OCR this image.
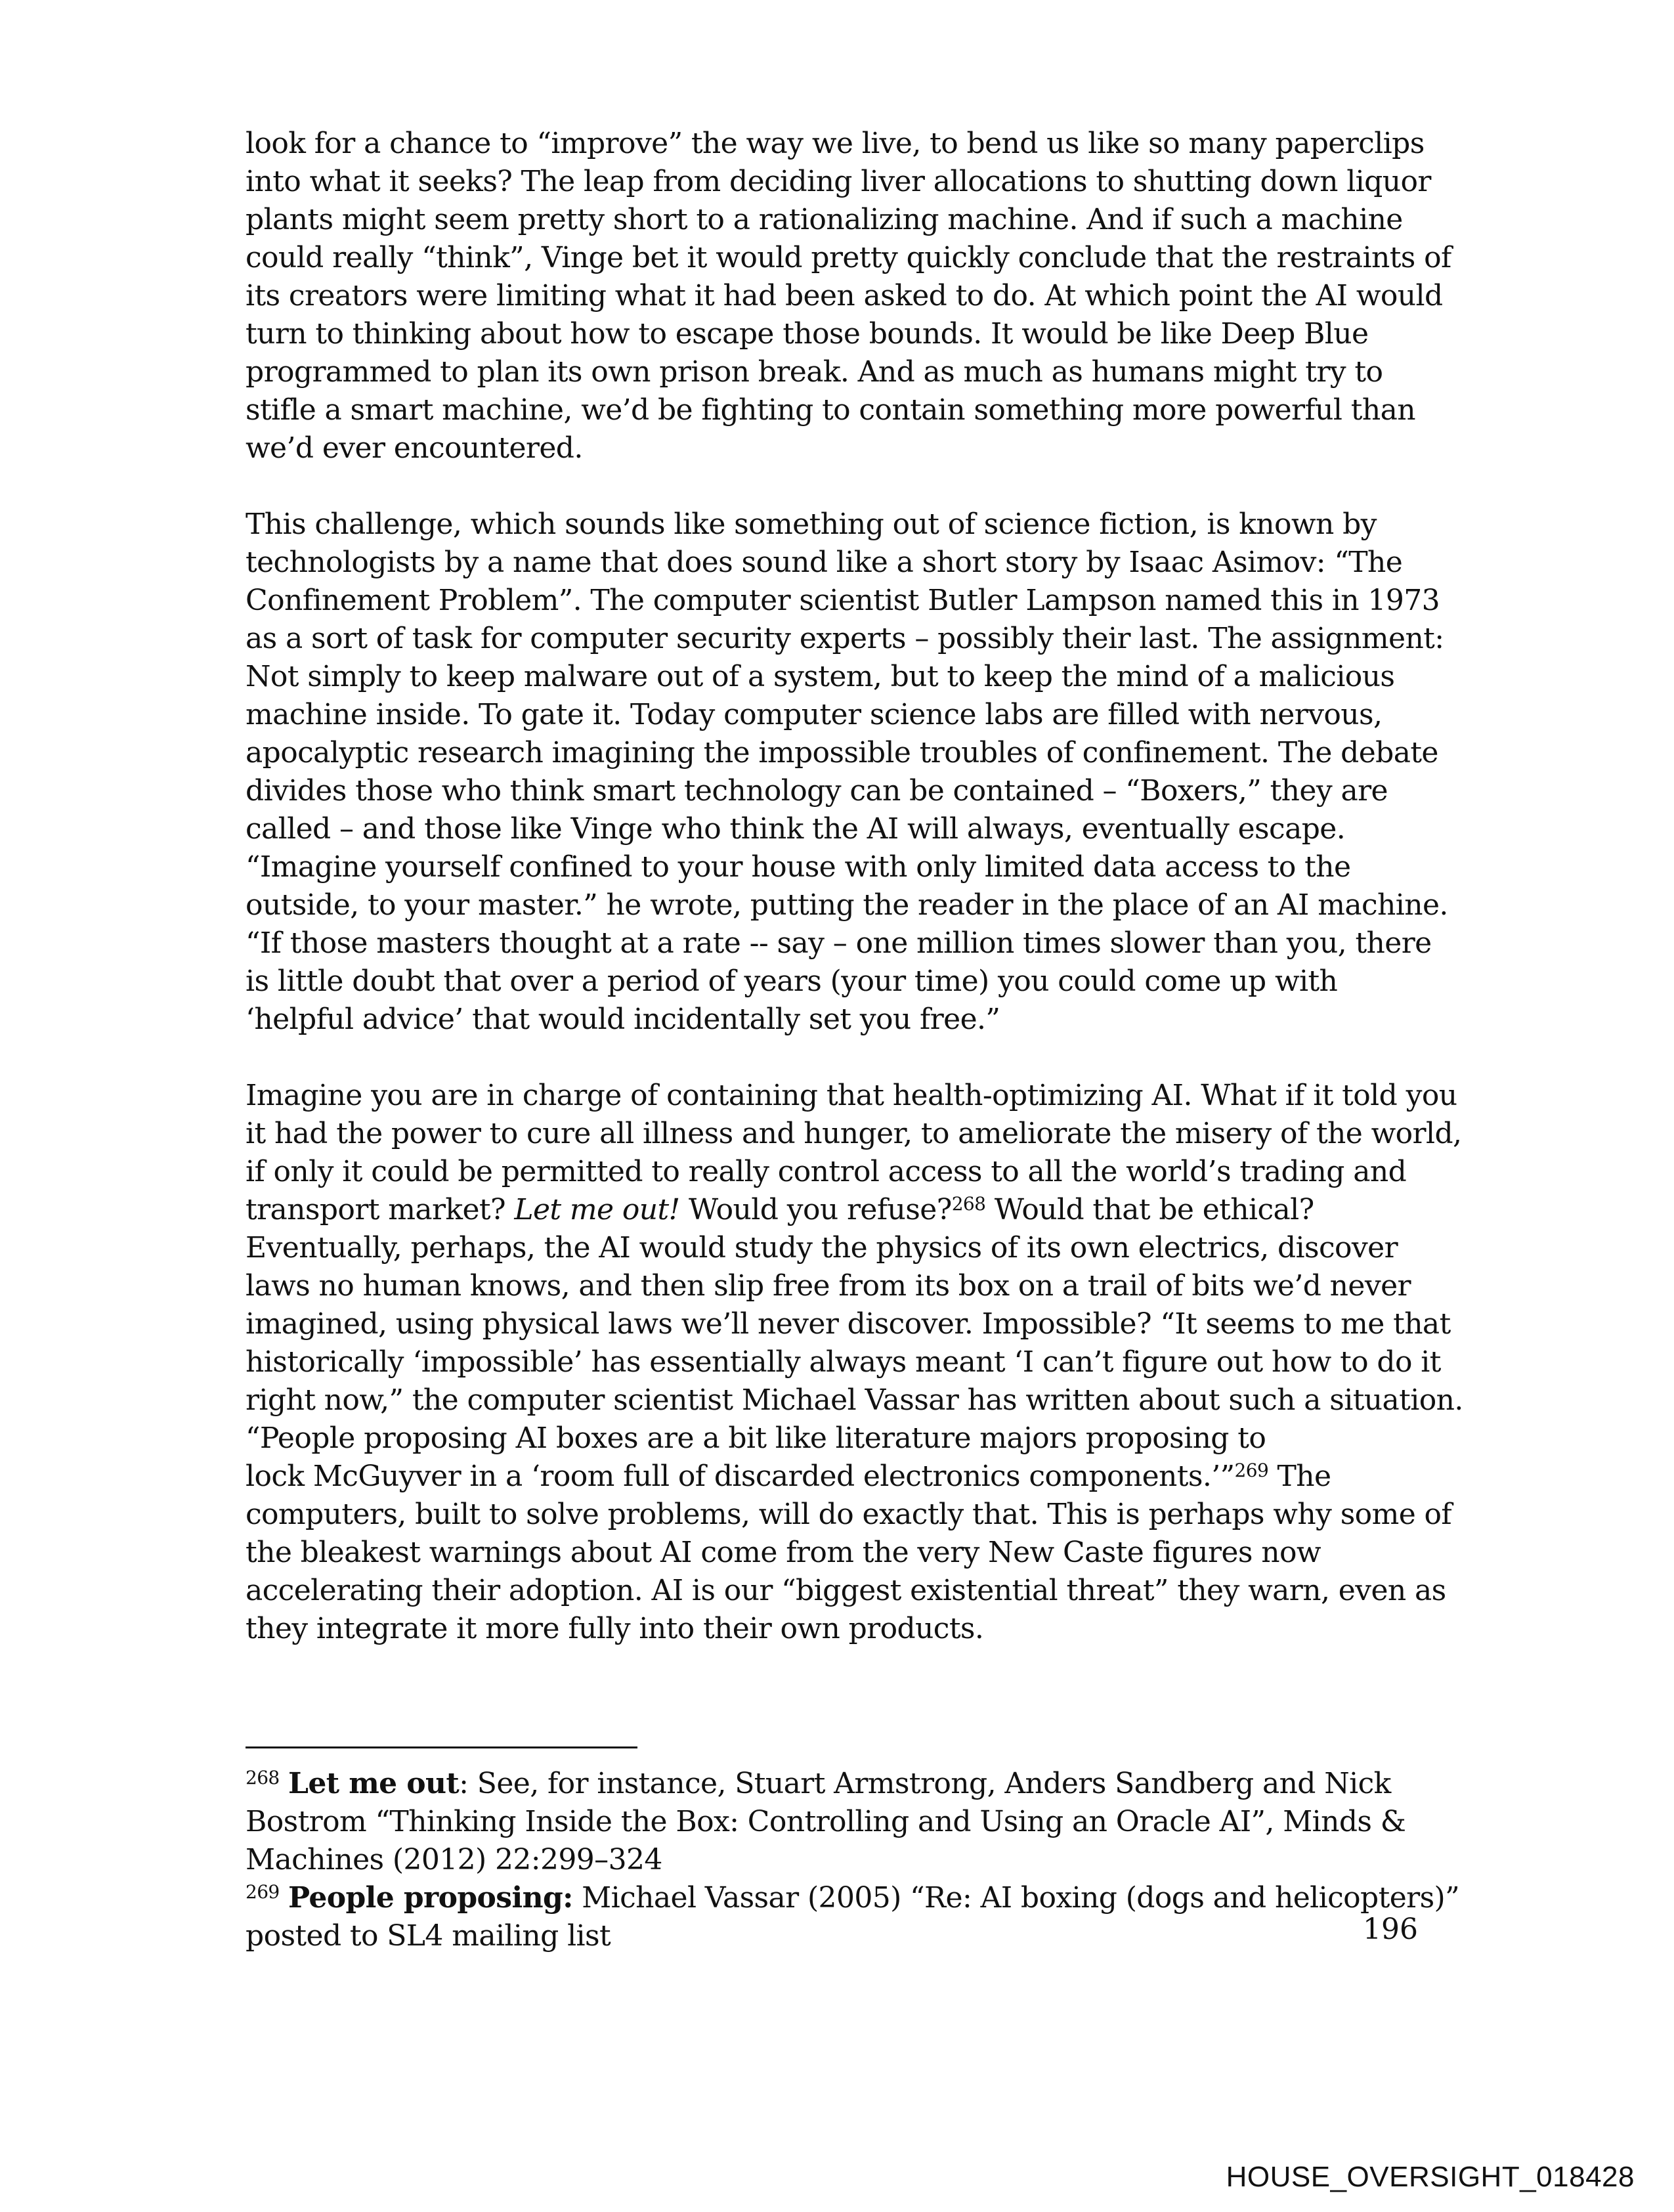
look for a chance to “improve” the way we live, to bend us like so many paperclips
into what it seeks? The leap from deciding liver allocations to shutting down liquor
plants might seem pretty short to a rationalizing machine. And if such a machine
could really “think”, Vinge bet it would pretty quickly conclude that the restraints of
its creators were limiting what it had been asked to do. At which point the AI would
turn to thinking about how to escape those bounds. It would be like Deep Blue
programmed to plan its own prison break. And as much as humans might try to
stifle a smart machine, we’d be fighting to contain something more powerful than
we’d ever encountered.
This challenge, which sounds like something out of science fiction, is known by
technologists by a name that does sound like a short story by Isaac Asimov: “The
Confinement Problem”. The computer scientist Butler Lampson named this in 1973
as a sort of task for computer security experts – possibly their last. The assignment:
Not simply to keep malware out of a system, but to keep the mind of a malicious
machine inside. To gate it. Today computer science labs are filled with nervous,
apocalyptic research imagining the impossible troubles of confinement. The debate
divides those who think smart technology can be contained – “Boxers,” they are
called – and those like Vinge who think the AI will always, eventually escape.
“Imagine yourself confined to your house with only limited data access to the
outside, to your master.” he wrote, putting the reader in the place of an AI machine.
“If those masters thought at a rate -- say – one million times slower than you, there
is little doubt that over a period of years (your time) you could come up with
‘helpful advice’ that would incidentally set you free.”
Imagine you are in charge of containing that health-optimizing AI. What if it told you
it had the power to cure all illness and hunger, to ameliorate the misery of the world,
if only it could be permitted to really control access to all the world’s trading and
transport market? Let me out! Would you refuse?$^{268}$ Would that be ethical?
Eventually, perhaps, the AI would study the physics of its own electrics, discover
laws no human knows, and then slip free from its box on a trail of bits we’d never
imagined, using physical laws we’ll never discover. Impossible? “It seems to me that
historically ‘impossible’ has essentially always meant ‘I can’t figure out how to do it
right now,” the computer scientist Michael Vassar has written about such a situation.
“People proposing AI boxes are a bit like literature majors proposing to
lock McGuyver in a ‘room full of discarded electronics components.’”$^{269}$ The
computers, built to solve problems, will do exactly that. This is perhaps why some of
the bleakest warnings about AI come from the very New Caste figures now
accelerating their adoption. AI is our “biggest existential threat” they warn, even as
they integrate it more fully into their own products.
$^{268}$ Let me out: See, for instance, Stuart Armstrong, Anders Sandberg and Nick
Bostrom “Thinking Inside the Box: Controlling and Using an Oracle AI”, Minds &
Machines (2012) 22:299–324
$^{269}$ People proposing: Michael Vassar (2005) “Re: AI boxing (dogs and helicopters)”
posted to SL4 mailing list	196
HOUSE_OVERSIGHT_018428
